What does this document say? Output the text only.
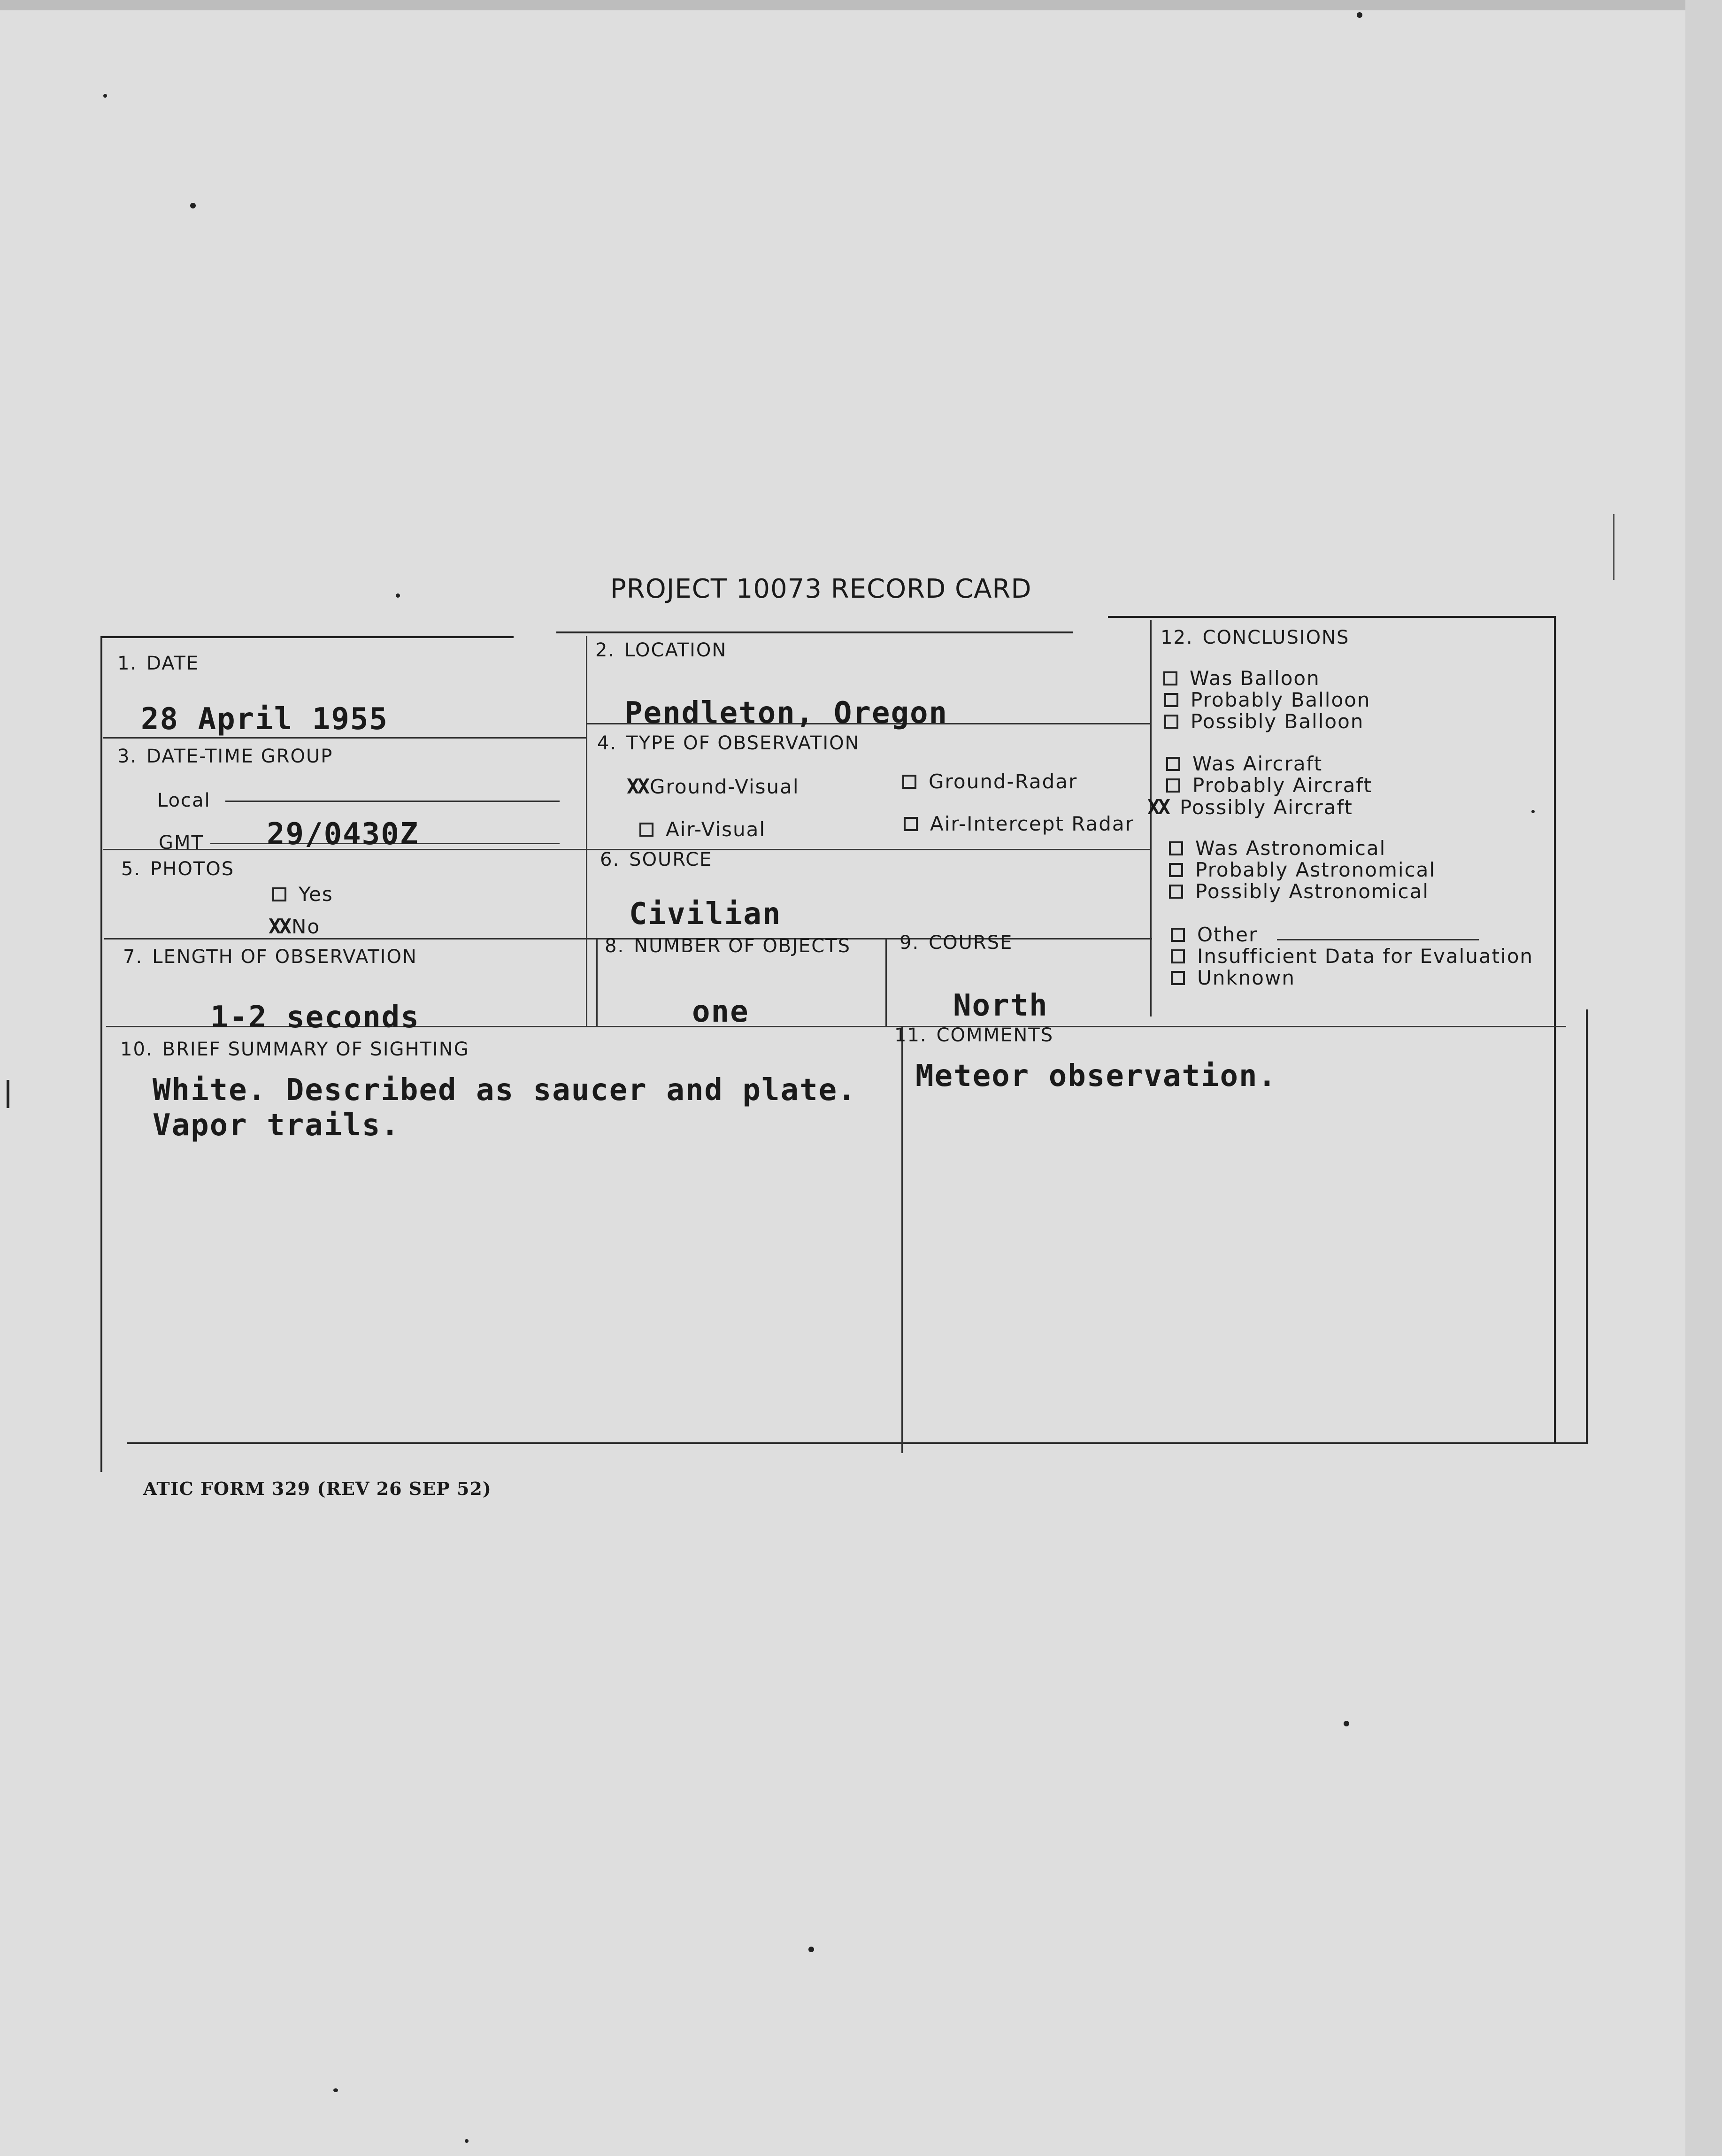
PROJECT 10073 RECORD CARD
ATIC FORM 329 (REV 26 SEP 52)
1. DATE
28 April 1955
2. LOCATION
Pendleton, Oregon
3. DATE-TIME GROUP
Local
GMT 29/0430Z
4. TYPE OF OBSERVATION
XXGround-Visual	Ground-Radar
Air-Visual	Air-Intercept Radar
5. PHOTOS
Yes
XXNo
6. SOURCE
Civilian
7. LENGTH OF OBSERVATION
1-2 seconds
8. NUMBER OF OBJECTS
one
9. COURSE
North
10. BRIEF SUMMARY OF SIGHTING
White. Described as saucer and plate.
Vapor trails.
11. COMMENTS
Meteor observation.
12. CONCLUSIONS
Was Balloon
Probably Balloon
Possibly Balloon
Was Aircraft
Probably Aircraft
XX Possibly Aircraft
Was Astronomical
Probably Astronomical
Possibly Astronomical
Other
Insufficient Data for Evaluation
Unknown
